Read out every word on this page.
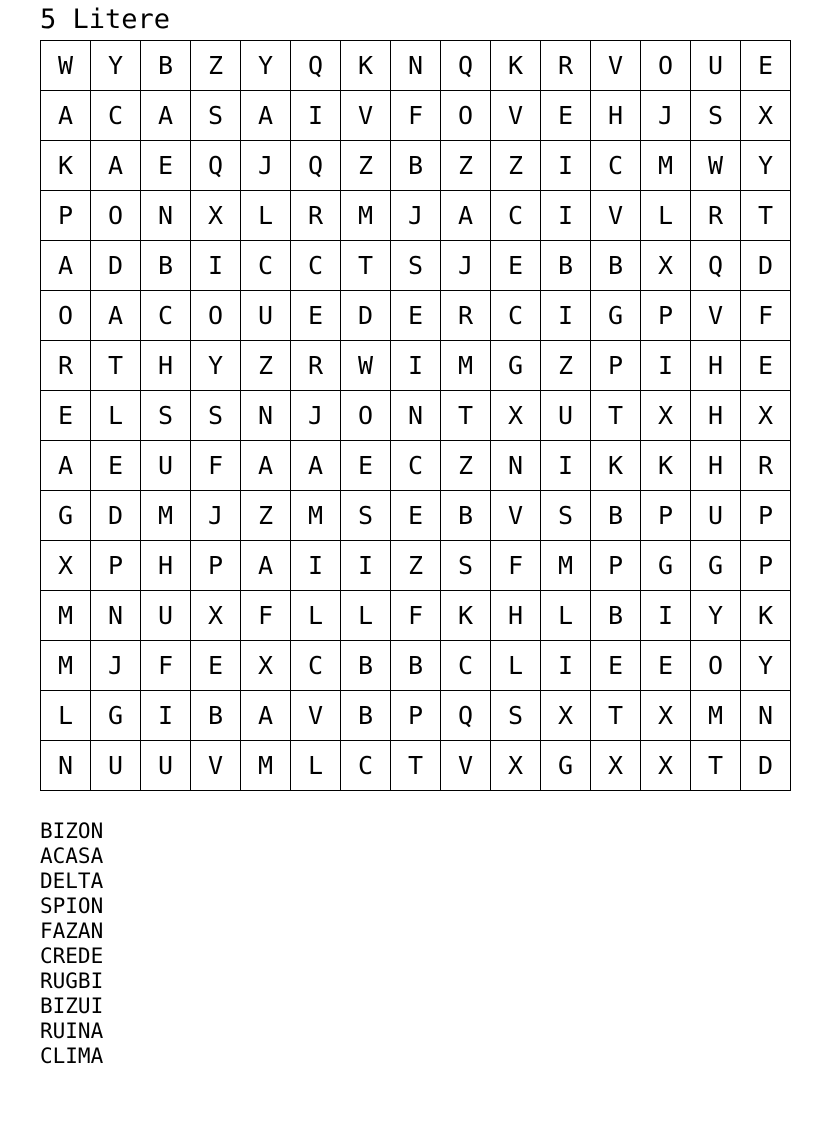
5 Litere
W	Y	B	Z	Y	Q	K	N	Q	K	R	V	O	U	E
A	C	A	S	A	I	V	F	O	V	E	H	J	S	X
K	A	E	Q	J	Q	Z	B	Z	Z	I	C	M	W	Y
P	O	N	X	L	R	M	J	A	C	I	V	L	R	T
A	D	B	I	C	C	T	S	J	E	B	B	X	Q	D
O	A	C	O	U	E	D	E	R	C	I	G	P	V	F
R	T	H	Y	Z	R	W	I	M	G	Z	P	I	H	E
E	L	S	S	N	J	O	N	T	X	U	T	X	H	X
A	E	U	F	A	A	E	C	Z	N	I	K	K	H	R
G	D	M	J	Z	M	S	E	B	V	S	B	P	U	P
X	P	H	P	A	I	I	Z	S	F	M	P	G	G	P
M	N	U	X	F	L	L	F	K	H	L	B	I	Y	K
M	J	F	E	X	C	B	B	C	L	I	E	E	O	Y
L	G	I	B	A	V	B	P	Q	S	X	T	X	M	N
N	U	U	V	M	L	C	T	V	X	G	X	X	T	D
BIZON
ACASA
DELTA
SPION
FAZAN
CREDE
RUGBI
BIZUI
RUINA
CLIMA
